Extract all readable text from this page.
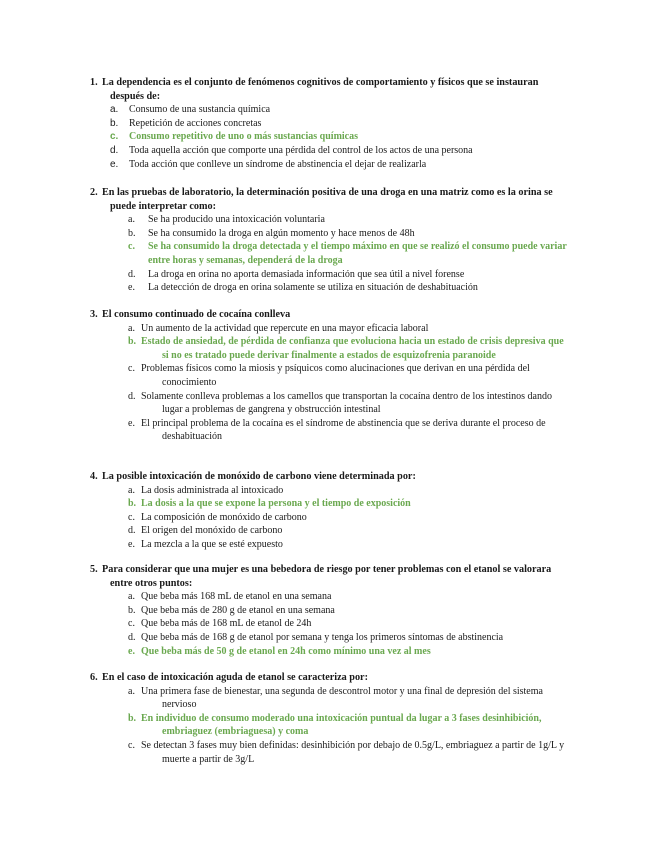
1. La dependencia es el conjunto de fenómenos cognitivos de comportamiento y físicos que se instauran después de:
a. Consumo de una sustancia química
b. Repetición de acciones concretas
c. Consumo repetitivo de uno o más sustancias químicas
d. Toda aquella acción que comporte una pérdida del control de los actos de una persona
e. Toda acción que conlleve un síndrome de abstinencia el dejar de realizarla
2. En las pruebas de laboratorio, la determinación positiva de una droga en una matriz como es la orina se puede interpretar como:
a. Se ha producido una intoxicación voluntaria
b. Se ha consumido la droga en algún momento y hace menos de 48h
c. Se ha consumido la droga detectada y el tiempo máximo en que se realizó el consumo puede variar entre horas y semanas, dependerá de la droga
d. La droga en orina no aporta demasiada información que sea útil a nivel forense
e. La detección de droga en orina solamente se utiliza en situación de deshabituación
3. El consumo continuado de cocaína conlleva
a. Un aumento de la actividad que repercute en una mayor eficacia laboral
b. Estado de ansiedad, de pérdida de confianza que evoluciona hacia un estado de crisis depresiva que si no es tratado puede derivar finalmente a estados de esquizofrenia paranoide
c. Problemas físicos como la miosis y psíquicos como alucinaciones que derivan en una pérdida del conocimiento
d. Solamente conlleva problemas a los camellos que transportan la cocaína dentro de los intestinos dando lugar a problemas de gangrena y obstrucción intestinal
e. El principal problema de la cocaína es el síndrome de abstinencia que se deriva durante el proceso de deshabituación
4. La posible intoxicación de monóxido de carbono viene determinada por:
a. La dosis administrada al intoxicado
b. La dosis a la que se expone la persona y el tiempo de exposición
c. La composición de monóxido de carbono
d. El origen del monóxido de carbono
e. La mezcla a la que se esté expuesto
5. Para considerar que una mujer es una bebedora de riesgo por tener problemas con el etanol se valorara entre otros puntos:
a. Que beba más 168 mL de etanol en una semana
b. Que beba más de 280 g de etanol en una semana
c. Que beba más de 168 mL de etanol de 24h
d. Que beba más de 168 g de etanol por semana y tenga los primeros síntomas de abstinencia
e. Que beba más de 50 g de etanol en 24h como mínimo una vez al mes
6. En el caso de intoxicación aguda de etanol se caracteriza por:
a. Una primera fase de bienestar, una segunda de descontrol motor y una final de depresión del sistema nervioso
b. En individuo de consumo moderado una intoxicación puntual da lugar a 3 fases desinhibición, embriaguez (embriaguesa) y coma
c. Se detectan 3 fases muy bien definidas: desinhibición por debajo de 0.5g/L, embriaguez a partir de 1g/L y muerte a partir de 3g/L
